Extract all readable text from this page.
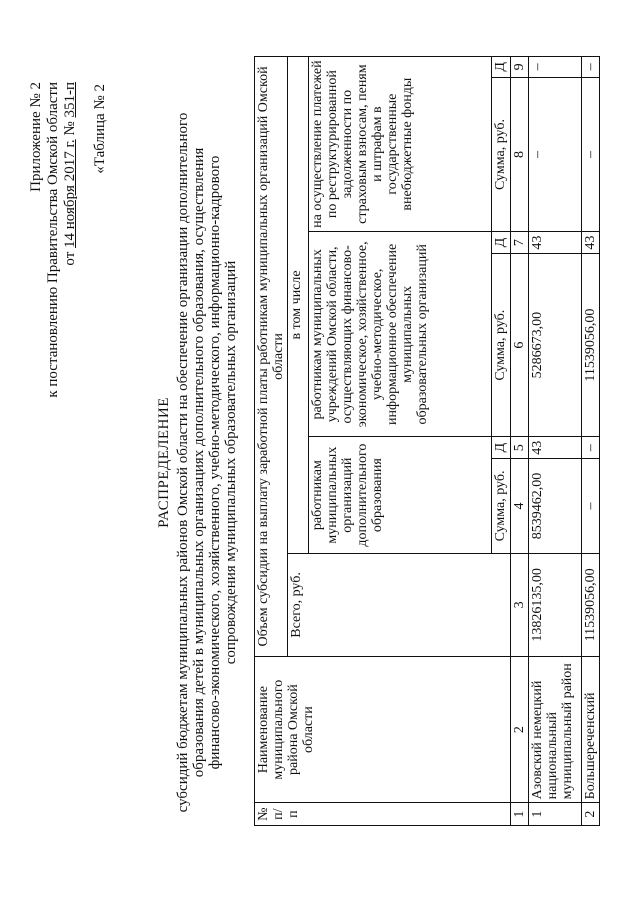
Приложение № 2 к постановлению Правительства Омской области от 14 ноября 2017 г. № 351-п «Таблица № 2
РАСПРЕДЕЛЕНИЕ субсидий бюджетам муниципальных районов Омской области на обеспечение организации дополнительного образования детей в муниципальных организациях дополнительного образования, осуществления финансово-экономического, хозяйственного, учебно-методического, информационно-кадрового сопровождения муниципальных образовательных организаций
№ п/п	Наименование муниципального района Омской области	Объем субсидии на выплату заработной платы работникам муниципальных организаций Омской области						
		Всего, руб.	в том числе					
			работникам муниципальных организаций дополнительного образования		работникам муниципальных учреждений Омской области, осуществляющих финансово-экономическое, хозяйственное, учебно-методическое, информационное обеспечение муниципальных образовательных организаций		на осуществление платежей по реструктурированной задолженности по страховым взносам, пеням и штрафам в государственные внебюджетные фонды	
			Сумма, руб.	Д	Сумма, руб.	Д	Сумма, руб.	Д
1	2	3	4	5	6	7	8	9
1	Азовский немецкий национальный муниципальный район	13826135,00	8539462,00	43	5286673,00	43	–	–
2	Большереченский	11539056,00	–	–	11539056,00	43	–	–
